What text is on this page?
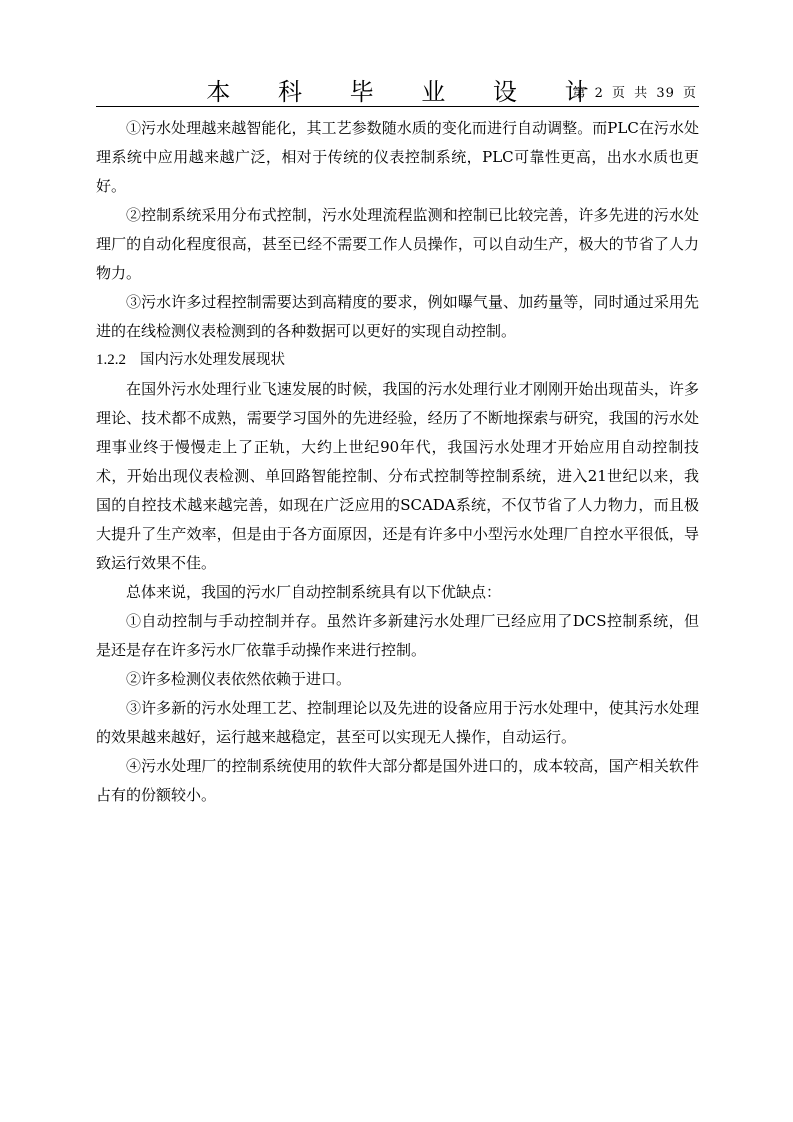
本 科 毕 业 设 计
第 2 页 共 39 页

①污水处理越来越智能化，其工艺参数随水质的变化而进行自动调整。而PLC在污水处理系统中应用越来越广泛，相对于传统的仪表控制系统，PLC可靠性更高，出水水质也更好。

②控制系统采用分布式控制，污水处理流程监测和控制已比较完善，许多先进的污水处理厂的自动化程度很高，甚至已经不需要工作人员操作，可以自动生产，极大的节省了人力物力。

③污水许多过程控制需要达到高精度的要求，例如曝气量、加药量等，同时通过采用先进的在线检测仪表检测到的各种数据可以更好的实现自动控制。

1.2.2 国内污水处理发展现状

在国外污水处理行业飞速发展的时候，我国的污水处理行业才刚刚开始出现苗头，许多理论、技术都不成熟，需要学习国外的先进经验，经历了不断地探索与研究，我国的污水处理事业终于慢慢走上了正轨，大约上世纪90年代，我国污水处理才开始应用自动控制技术，开始出现仪表检测、单回路智能控制、分布式控制等控制系统，进入21世纪以来，我国的自控技术越来越完善，如现在广泛应用的SCADA系统，不仅节省了人力物力，而且极大提升了生产效率，但是由于各方面原因，还是有许多中小型污水处理厂自控水平很低，导致运行效果不佳。

总体来说，我国的污水厂自动控制系统具有以下优缺点：

①自动控制与手动控制并存。虽然许多新建污水处理厂已经应用了DCS控制系统，但是还是存在许多污水厂依靠手动操作来进行控制。

②许多检测仪表依然依赖于进口。

③许多新的污水处理工艺、控制理论以及先进的设备应用于污水处理中，使其污水处理的效果越来越好，运行越来越稳定，甚至可以实现无人操作，自动运行。

④污水处理厂的控制系统使用的软件大部分都是国外进口的，成本较高，国产相关软件占有的份额较小。
